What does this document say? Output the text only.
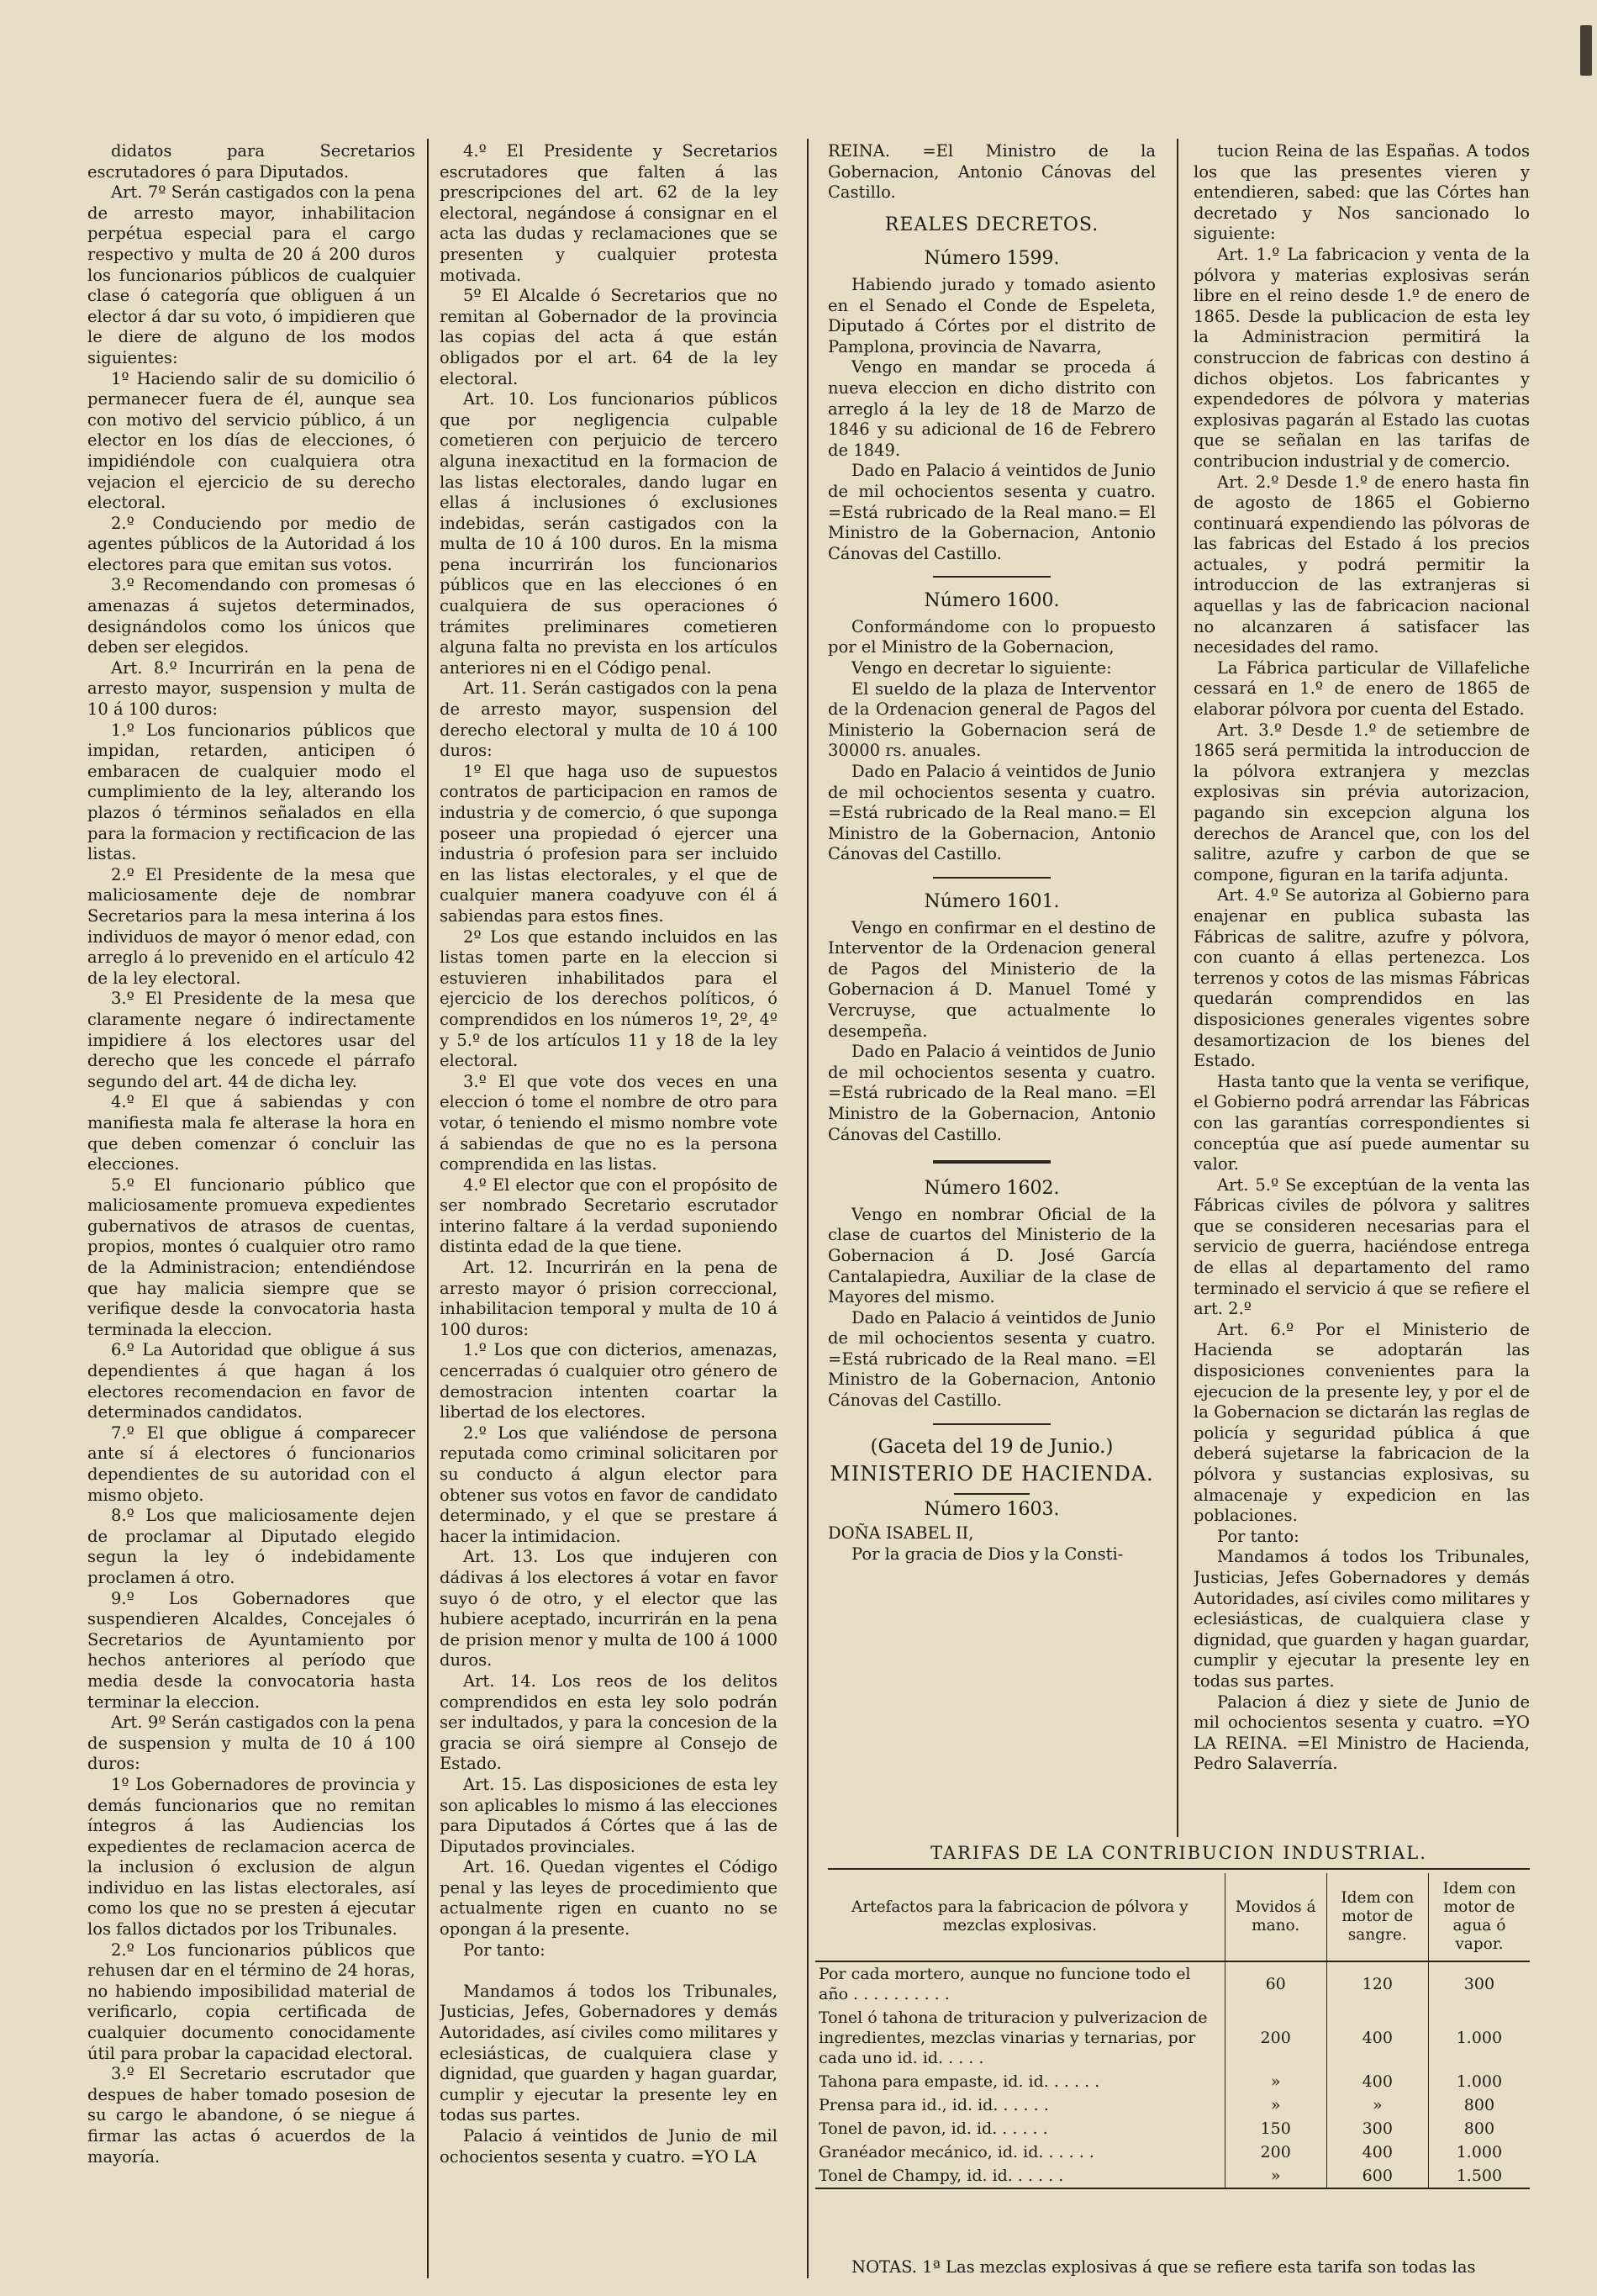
didatos para Secretarios escrutadores ó para Diputados.

Art. 7º Serán castigados con la pena de arresto mayor, inhabilitacion perpétua especial para el cargo respectivo y multa de 20 á 200 duros los funcionarios públicos de cualquier clase ó categoría que obliguen á un elector á dar su voto, ó impidieren que le diere de alguno de los modos siguientes:

1º Haciendo salir de su domicilio ó permanecer fuera de él, aunque sea con motivo del servicio público, á un elector en los días de elecciones, ó impidiéndole con cualquiera otra vejacion el ejercicio de su derecho electoral.

2.º Conduciendo por medio de agentes públicos de la Autoridad á los electores para que emitan sus votos.

3.º Recomendando con promesas ó amenazas á sujetos determinados, designándolos como los únicos que deben ser elegidos.

Art. 8.º Incurrirán en la pena de arresto mayor, suspension y multa de 10 á 100 duros:

1.º Los funcionarios públicos que impidan, retarden, anticipen ó embaracen de cualquier modo el cumplimiento de la ley, alterando los plazos ó términos señalados en ella para la formacion y rectificacion de las listas.

2.º El Presidente de la mesa que maliciosamente deje de nombrar Secretarios para la mesa interina á los individuos de mayor ó menor edad, con arreglo á lo prevenido en el artículo 42 de la ley electoral.

3.º El Presidente de la mesa que claramente negare ó indirectamente impidiere á los electores usar del derecho que les concede el párrafo segundo del art. 44 de dicha ley.

4.º El que á sabiendas y con manifiesta mala fe alterase la hora en que deben comenzar ó concluir las elecciones.

5.º El funcionario público que maliciosamente promueva expedientes gubernativos de atrasos de cuentas, propios, montes ó cualquier otro ramo de la Administracion; entendiéndose que hay malicia siempre que se verifique desde la convocatoria hasta terminada la eleccion.

6.º La Autoridad que obligue á sus dependientes á que hagan á los electores recomendacion en favor de determinados candidatos.

7.º El que obligue á comparecer ante sí á electores ó funcionarios dependientes de su autoridad con el mismo objeto.

8.º Los que maliciosamente dejen de proclamar al Diputado elegido segun la ley ó indebidamente proclamen á otro.

9.º Los Gobernadores que suspendieren Alcaldes, Concejales ó Secretarios de Ayuntamiento por hechos anteriores al período que media desde la convocatoria hasta terminar la eleccion.

Art. 9º Serán castigados con la pena de suspension y multa de 10 á 100 duros:

1º Los Gobernadores de provincia y demás funcionarios que no remitan íntegros á las Audiencias los expedientes de reclamacion acerca de la inclusion ó exclusion de algun individuo en las listas electorales, así como los que no se presten á ejecutar los fallos dictados por los Tribunales.

2.º Los funcionarios públicos que rehusen dar en el término de 24 horas, no habiendo imposibilidad material de verificarlo, copia certificada de cualquier documento conocidamente útil para probar la capacidad electoral.

3.º El Secretario escrutador que despues de haber tomado posesion de su cargo le abandone, ó se niegue á firmar las actas ó acuerdos de la mayoría.

4.º El Presidente y Secretarios escrutadores que falten á las prescripciones del art. 62 de la ley electoral, negándose á consignar en el acta las dudas y reclamaciones que se presenten y cualquier protesta motivada.

5º El Alcalde ó Secretarios que no remitan al Gobernador de la provincia las copias del acta á que están obligados por el art. 64 de la ley electoral.

Art. 10. Los funcionarios públicos que por negligencia culpable cometieren con perjuicio de tercero alguna inexactitud en la formacion de las listas electorales, dando lugar en ellas á inclusiones ó exclusiones indebidas, serán castigados con la multa de 10 á 100 duros. En la misma pena incurrirán los funcionarios públicos que en las elecciones ó en cualquiera de sus operaciones ó trámites preliminares cometieren alguna falta no prevista en los artículos anteriores ni en el Código penal.

Art. 11. Serán castigados con la pena de arresto mayor, suspension del derecho electoral y multa de 10 á 100 duros:

1º El que haga uso de supuestos contratos de participacion en ramos de industria y de comercio, ó que suponga poseer una propiedad ó ejercer una industria ó profesion para ser incluido en las listas electorales, y el que de cualquier manera coadyuve con él á sabiendas para estos fines.

2º Los que estando incluidos en las listas tomen parte en la eleccion si estuvieren inhabilitados para el ejercicio de los derechos políticos, ó comprendidos en los números 1º, 2º, 4º y 5.º de los artículos 11 y 18 de la ley electoral.

3.º El que vote dos veces en una eleccion ó tome el nombre de otro para votar, ó teniendo el mismo nombre vote á sabiendas de que no es la persona comprendida en las listas.

4.º El elector que con el propósito de ser nombrado Secretario escrutador interino faltare á la verdad suponiendo distinta edad de la que tiene.

Art. 12. Incurrirán en la pena de arresto mayor ó prision correccional, inhabilitacion temporal y multa de 10 á 100 duros:

1.º Los que con dicterios, amenazas, cencerradas ó cualquier otro género de demostracion intenten coartar la libertad de los electores.

2.º Los que valiéndose de persona reputada como criminal solicitaren por su conducto á algun elector para obtener sus votos en favor de candidato determinado, y el que se prestare á hacer la intimidacion.

Art. 13. Los que indujeren con dádivas á los electores á votar en favor suyo ó de otro, y el elector que las hubiere aceptado, incurrirán en la pena de prision menor y multa de 100 á 1000 duros.

Art. 14. Los reos de los delitos comprendidos en esta ley solo podrán ser indultados, y para la concesion de la gracia se oirá siempre al Consejo de Estado.

Art. 15. Las disposiciones de esta ley son aplicables lo mismo á las elecciones para Diputados á Córtes que á las de Diputados provinciales.

Art. 16. Quedan vigentes el Código penal y las leyes de procedimiento que actualmente rigen en cuanto no se opongan á la presente.

Por tanto:

Mandamos á todos los Tribunales, Justicias, Jefes, Gobernadores y demás Autoridades, así civiles como militares y eclesiásticas, de cualquiera clase y dignidad, que guarden y hagan guardar, cumplir y ejecutar la presente ley en todas sus partes.

Palacio á veintidos de Junio de mil ochocientos sesenta y cuatro. =YO LA

REINA. =El Ministro de la Gobernacion, Antonio Cánovas del Castillo.

REALES DECRETOS.

Número 1599.

Habiendo jurado y tomado asiento en el Senado el Conde de Espeleta, Diputado á Córtes por el distrito de Pamplona, provincia de Navarra,

Vengo en mandar se proceda á nueva eleccion en dicho distrito con arreglo á la ley de 18 de Marzo de 1846 y su adicional de 16 de Febrero de 1849.

Dado en Palacio á veintidos de Junio de mil ochocientos sesenta y cuatro. =Está rubricado de la Real mano.= El Ministro de la Gobernacion, Antonio Cánovas del Castillo.

Número 1600.

Conformándome con lo propuesto por el Ministro de la Gobernacion,

Vengo en decretar lo siguiente:

El sueldo de la plaza de Interventor de la Ordenacion general de Pagos del Ministerio la Gobernacion será de 30000 rs. anuales.

Dado en Palacio á veintidos de Junio de mil ochocientos sesenta y cuatro. =Está rubricado de la Real mano.= El Ministro de la Gobernacion, Antonio Cánovas del Castillo.

Número 1601.

Vengo en confirmar en el destino de Interventor de la Ordenacion general de Pagos del Ministerio de la Gobernacion á D. Manuel Tomé y Vercruyse, que actualmente lo desempeña.

Dado en Palacio á veintidos de Junio de mil ochocientos sesenta y cuatro. =Está rubricado de la Real mano. =El Ministro de la Gobernacion, Antonio Cánovas del Castillo.

Número 1602.

Vengo en nombrar Oficial de la clase de cuartos del Ministerio de la Gobernacion á D. José García Cantalapiedra, Auxiliar de la clase de Mayores del mismo.

Dado en Palacio á veintidos de Junio de mil ochocientos sesenta y cuatro. =Está rubricado de la Real mano. =El Ministro de la Gobernacion, Antonio Cánovas del Castillo.

(Gaceta del 19 de Junio.)

MINISTERIO DE HACIENDA.

Número 1603.

DOÑA ISABEL II,

Por la gracia de Dios y la Consti-

tucion Reina de las Españas. A todos los que las presentes vieren y entendieren, sabed: que las Córtes han decretado y Nos sancionado lo siguiente:

Art. 1.º La fabricacion y venta de la pólvora y materias explosivas serán libre en el reino desde 1.º de enero de 1865. Desde la publicacion de esta ley la Administracion permitirá la construccion de fabricas con destino á dichos objetos. Los fabricantes y expendedores de pólvora y materias explosivas pagarán al Estado las cuotas que se señalan en las tarifas de contribucion industrial y de comercio.

Art. 2.º Desde 1.º de enero hasta fin de agosto de 1865 el Gobierno continuará expendiendo las pólvoras de las fabricas del Estado á los precios actuales, y podrá permitir la introduccion de las extranjeras si aquellas y las de fabricacion nacional no alcanzaren á satisfacer las necesidades del ramo.

La Fábrica particular de Villafeliche cessará en 1.º de enero de 1865 de elaborar pólvora por cuenta del Estado.

Art. 3.º Desde 1.º de setiembre de 1865 será permitida la introduccion de la pólvora extranjera y mezclas explosivas sin prévia autorizacion, pagando sin excepcion alguna los derechos de Arancel que, con los del salitre, azufre y carbon de que se compone, figuran en la tarifa adjunta.

Art. 4.º Se autoriza al Gobierno para enajenar en publica subasta las Fábricas de salitre, azufre y pólvora, con cuanto á ellas pertenezca. Los terrenos y cotos de las mismas Fábricas quedarán comprendidos en las disposiciones generales vigentes sobre desamortizacion de los bienes del Estado.

Hasta tanto que la venta se verifique, el Gobierno podrá arrendar las Fábricas con las garantías correspondientes si conceptúa que así puede aumentar su valor.

Art. 5.º Se exceptúan de la venta las Fábricas civiles de pólvora y salitres que se consideren necesarias para el servicio de guerra, haciéndose entrega de ellas al departamento del ramo terminado el servicio á que se refiere el art. 2.º

Art. 6.º Por el Ministerio de Hacienda se adoptarán las disposiciones convenientes para la ejecucion de la presente ley, y por el de la Gobernacion se dictarán las reglas de policía y seguridad pública á que deberá sujetarse la fabricacion de la pólvora y sustancias explosivas, su almacenaje y expedicion en las poblaciones.

Por tanto:

Mandamos á todos los Tribunales, Justicias, Jefes Gobernadores y demás Autoridades, así civiles como militares y eclesiásticas, de cualquiera clase y dignidad, que guarden y hagan guardar, cumplir y ejecutar la presente ley en todas sus partes.

Palacion á diez y siete de Junio de mil ochocientos sesenta y cuatro. =YO LA REINA. =El Ministro de Hacienda, Pedro Salaverría.

TARIFAS DE LA CONTRIBUCION INDUSTRIAL.
Artefactos para la fabricacion de pólvora y mezclas explosivas.	Movidos á mano.	Idem con motor de sangre.	Idem con motor de agua ó vapor.
Por cada mortero, aunque no funcione todo el año . . . . . . . . . .	60	120	300
Tonel ó tahona de trituracion y pulverizacion de ingredientes, mezclas vinarias y ternarias, por cada uno id. id. . . . .	200	400	1.000
Tahona para empaste, id. id. . . . . .	»	400	1.000
Prensa para id., id. id. . . . . .	»	»	800
Tonel de pavon, id. id. . . . . .	150	300	800
Granéador mecánico, id. id. . . . . .	200	400	1.000
Tonel de Champy, id. id. . . . . .	»	600	1.500
NOTAS. 1ª Las mezclas explosivas á que se refiere esta tarifa son todas las
